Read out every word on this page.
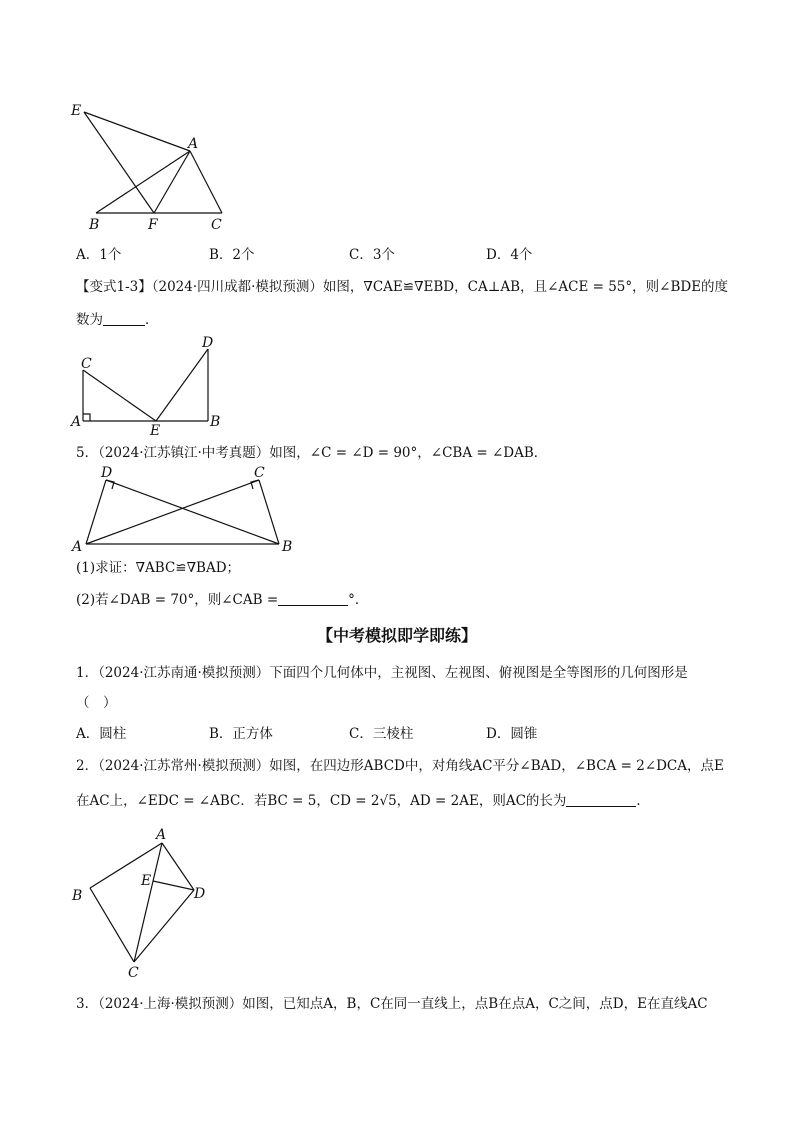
E
A
B	F	C
A．1个	B．2个	C．3个	D．4个
【变式1-3】（2024·四川成都·模拟预测）如图，∇CAE≌∇EBD，CA⊥AB，且∠ACE = 55°，则∠BDE的度
数为	．
C
A
E
D
B
5．（2024·江苏镇江·中考真题）如图，∠C = ∠D = 90°，∠CBA = ∠DAB．
D	C
A	B
(1)求证：∇ABC≌∇BAD；
(2)若∠DAB = 70°，则∠CAB =	°．
【中考模拟即学即练】
1．（2024·江苏南通·模拟预测）下面四个几何体中，主视图、左视图、俯视图是全等图形的几何图形是
（　）
A．圆柱	B．正方体	C．三棱柱	D．圆锥
2．（2024·江苏常州·模拟预测）如图，在四边形ABCD中，对角线AC平分∠BAD，∠BCA = 2∠DCA，点E
在AC上，∠EDC = ∠ABC．若BC = 5，CD = 2√5，AD = 2AE，则AC的长为	．
A
E
B	D
C
3．（2024·上海·模拟预测）如图，已知点A，B，C在同一直线上，点B在点A，C之间，点D，E在直线AC
